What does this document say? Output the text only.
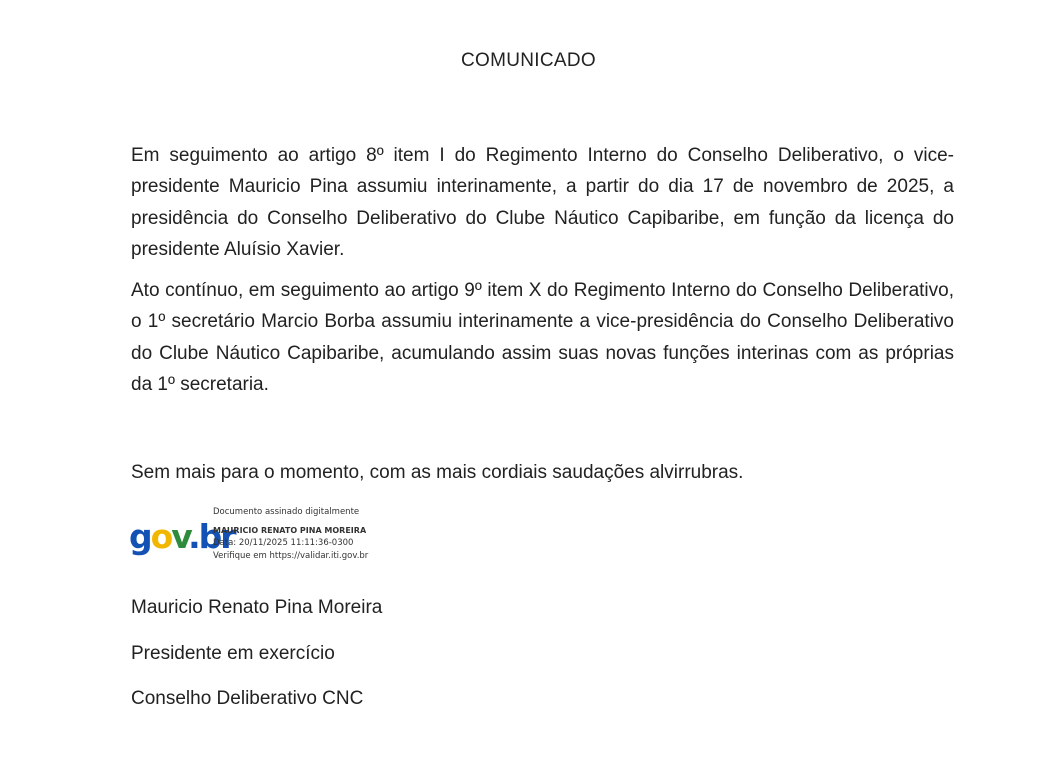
COMUNICADO

Em seguimento ao artigo 8º item I do Regimento Interno do Conselho Deliberativo, o vice-presidente Mauricio Pina assumiu interinamente, a partir do dia 17 de novembro de 2025, a presidência do Conselho Deliberativo do Clube Náutico Capibaribe, em função da licença do presidente Aluísio Xavier.

Ato contínuo, em seguimento ao artigo 9º item X do Regimento Interno do Conselho Deliberativo, o 1º secretário Marcio Borba assumiu interinamente a vice-presidência do Conselho Deliberativo do Clube Náutico Capibaribe, acumulando assim suas novas funções interinas com as próprias da 1º secretaria.

Sem mais para o momento, com as mais cordiais saudações alvirrubras.

gov.br
Documento assinado digitalmente
MAURICIO RENATO PINA MOREIRA
Data: 20/11/2025 11:11:36-0300
Verifique em https://validar.iti.gov.br
Mauricio Renato Pina Moreira
Presidente em exercício
Conselho Deliberativo CNC
